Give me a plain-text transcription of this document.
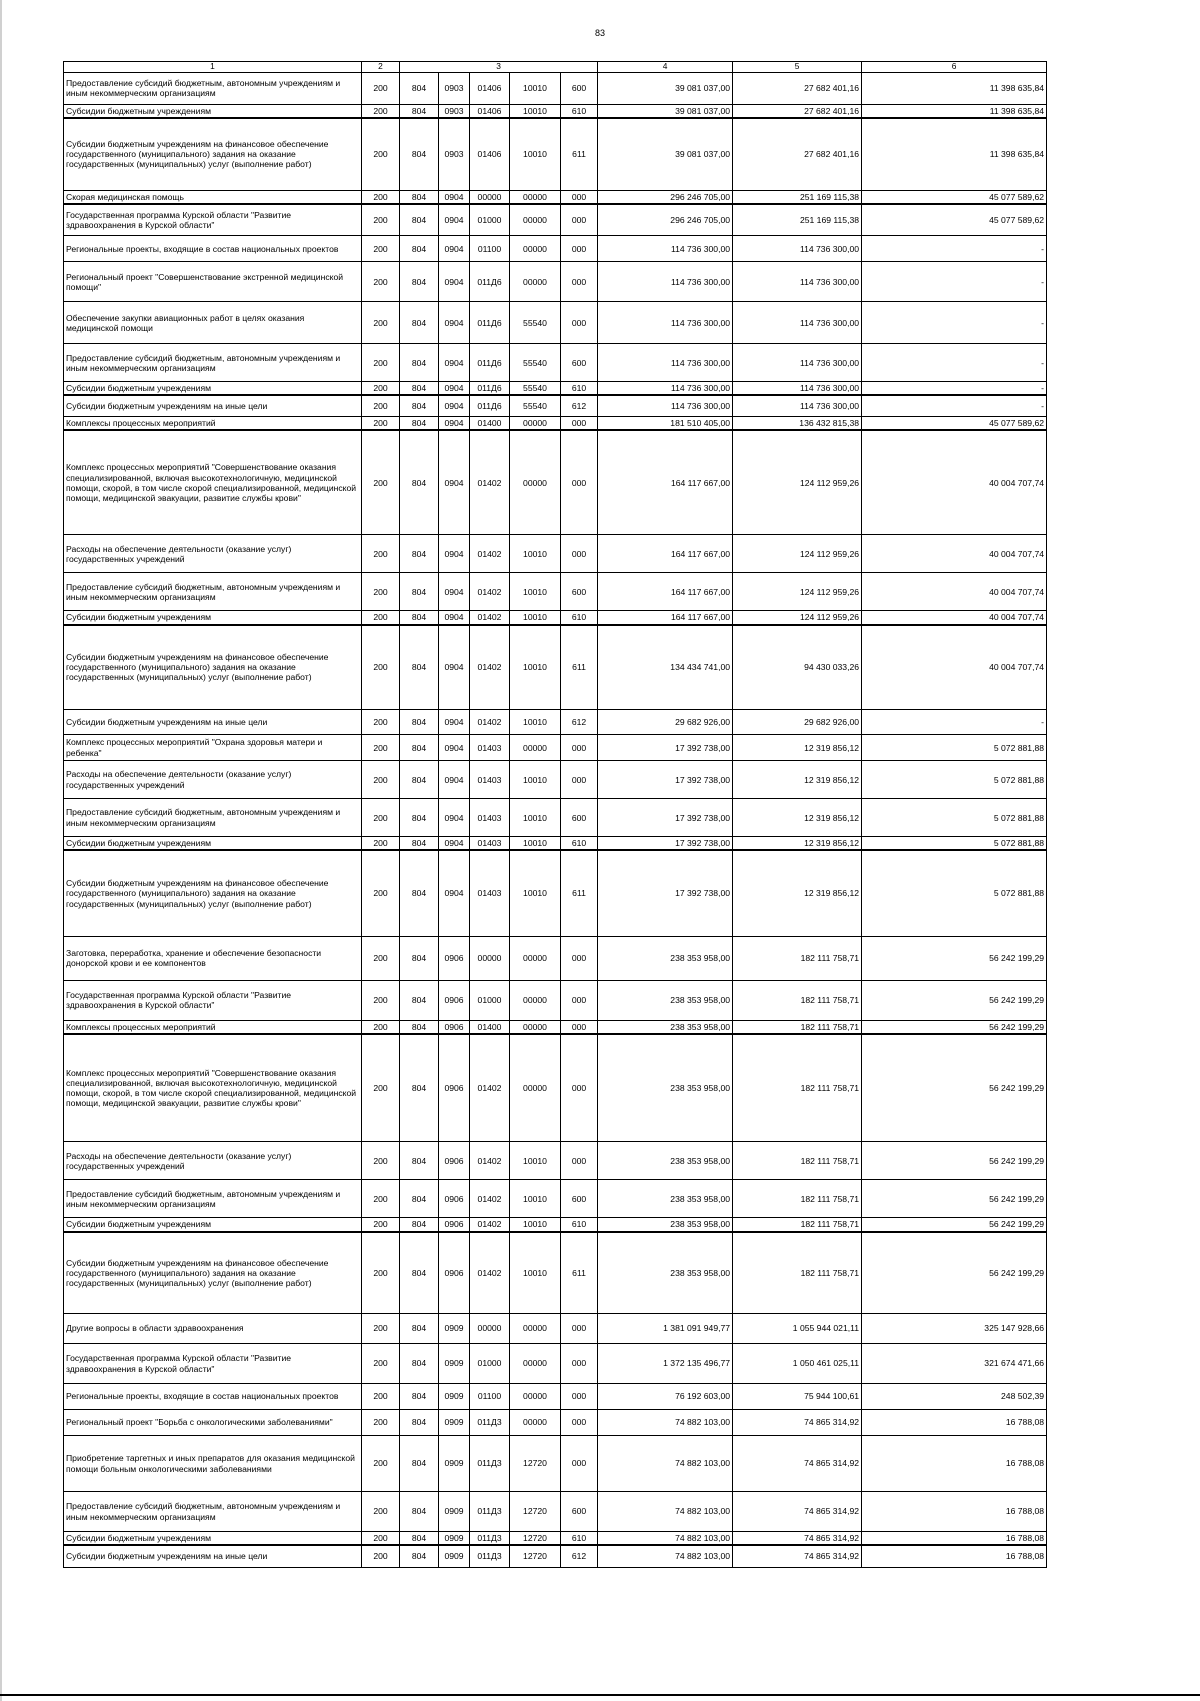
83
1	2	3					4	5	6
Предоставление субсидий бюджетным, автономным учреждениям и иным некоммерческим организациям	200	804	0903	01406	10010	600	39 081 037,00	27 682 401,16	11 398 635,84
Субсидии бюджетным учреждениям	200	804	0903	01406	10010	610	39 081 037,00	27 682 401,16	11 398 635,84
Субсидии бюджетным учреждениям на финансовое обеспечение государственного (муниципального) задания на оказание государственных (муниципальных) услуг (выполнение работ)	200	804	0903	01406	10010	611	39 081 037,00	27 682 401,16	11 398 635,84
Скорая медицинская помощь	200	804	0904	00000	00000	000	296 246 705,00	251 169 115,38	45 077 589,62
Государственная программа Курской области "Развитие здравоохранения в Курской области"	200	804	0904	01000	00000	000	296 246 705,00	251 169 115,38	45 077 589,62
Региональные проекты, входящие в состав национальных проектов	200	804	0904	01100	00000	000	114 736 300,00	114 736 300,00	-
Региональный проект "Совершенствование экстренной медицинской помощи"	200	804	0904	011Д6	00000	000	114 736 300,00	114 736 300,00	-
Обеспечение закупки авиационных работ в целях оказания медицинской помощи	200	804	0904	011Д6	55540	000	114 736 300,00	114 736 300,00	-
Предоставление субсидий бюджетным, автономным учреждениям и иным некоммерческим организациям	200	804	0904	011Д6	55540	600	114 736 300,00	114 736 300,00	-
Субсидии бюджетным учреждениям	200	804	0904	011Д6	55540	610	114 736 300,00	114 736 300,00	-
Субсидии бюджетным учреждениям на иные цели	200	804	0904	011Д6	55540	612	114 736 300,00	114 736 300,00	-
Комплексы процессных мероприятий	200	804	0904	01400	00000	000	181 510 405,00	136 432 815,38	45 077 589,62
Комплекс процессных мероприятий "Совершенствование оказания специализированной, включая высокотехнологичную, медицинской помощи, скорой, в том числе скорой специализированной, медицинской помощи, медицинской эвакуации, развитие службы крови"	200	804	0904	01402	00000	000	164 117 667,00	124 112 959,26	40 004 707,74
Расходы на обеспечение деятельности (оказание услуг) государственных учреждений	200	804	0904	01402	10010	000	164 117 667,00	124 112 959,26	40 004 707,74
Предоставление субсидий бюджетным, автономным учреждениям и иным некоммерческим организациям	200	804	0904	01402	10010	600	164 117 667,00	124 112 959,26	40 004 707,74
Субсидии бюджетным учреждениям	200	804	0904	01402	10010	610	164 117 667,00	124 112 959,26	40 004 707,74
Субсидии бюджетным учреждениям на финансовое обеспечение государственного (муниципального) задания на оказание государственных (муниципальных) услуг (выполнение работ)	200	804	0904	01402	10010	611	134 434 741,00	94 430 033,26	40 004 707,74
Субсидии бюджетным учреждениям на иные цели	200	804	0904	01402	10010	612	29 682 926,00	29 682 926,00	-
Комплекс процессных мероприятий "Охрана здоровья матери и ребенка"	200	804	0904	01403	00000	000	17 392 738,00	12 319 856,12	5 072 881,88
Расходы на обеспечение деятельности (оказание услуг) государственных учреждений	200	804	0904	01403	10010	000	17 392 738,00	12 319 856,12	5 072 881,88
Предоставление субсидий бюджетным, автономным учреждениям и иным некоммерческим организациям	200	804	0904	01403	10010	600	17 392 738,00	12 319 856,12	5 072 881,88
Субсидии бюджетным учреждениям	200	804	0904	01403	10010	610	17 392 738,00	12 319 856,12	5 072 881,88
Субсидии бюджетным учреждениям на финансовое обеспечение государственного (муниципального) задания на оказание государственных (муниципальных) услуг (выполнение работ)	200	804	0904	01403	10010	611	17 392 738,00	12 319 856,12	5 072 881,88
Заготовка, переработка, хранение и обеспечение безопасности донорской крови и ее компонентов	200	804	0906	00000	00000	000	238 353 958,00	182 111 758,71	56 242 199,29
Государственная программа Курской области "Развитие здравоохранения в Курской области"	200	804	0906	01000	00000	000	238 353 958,00	182 111 758,71	56 242 199,29
Комплексы процессных мероприятий	200	804	0906	01400	00000	000	238 353 958,00	182 111 758,71	56 242 199,29
Комплекс процессных мероприятий "Совершенствование оказания специализированной, включая высокотехнологичную, медицинской помощи, скорой, в том числе скорой специализированной, медицинской помощи, медицинской эвакуации, развитие службы крови"	200	804	0906	01402	00000	000	238 353 958,00	182 111 758,71	56 242 199,29
Расходы на обеспечение деятельности (оказание услуг) государственных учреждений	200	804	0906	01402	10010	000	238 353 958,00	182 111 758,71	56 242 199,29
Предоставление субсидий бюджетным, автономным учреждениям и иным некоммерческим организациям	200	804	0906	01402	10010	600	238 353 958,00	182 111 758,71	56 242 199,29
Субсидии бюджетным учреждениям	200	804	0906	01402	10010	610	238 353 958,00	182 111 758,71	56 242 199,29
Субсидии бюджетным учреждениям на финансовое обеспечение государственного (муниципального) задания на оказание государственных (муниципальных) услуг (выполнение работ)	200	804	0906	01402	10010	611	238 353 958,00	182 111 758,71	56 242 199,29
Другие вопросы в области здравоохранения	200	804	0909	00000	00000	000	1 381 091 949,77	1 055 944 021,11	325 147 928,66
Государственная программа Курской области "Развитие здравоохранения в Курской области"	200	804	0909	01000	00000	000	1 372 135 496,77	1 050 461 025,11	321 674 471,66
Региональные проекты, входящие в состав национальных проектов	200	804	0909	01100	00000	000	76 192 603,00	75 944 100,61	248 502,39
Региональный проект "Борьба с онкологическими заболеваниями"	200	804	0909	011Д3	00000	000	74 882 103,00	74 865 314,92	16 788,08
Приобретение таргетных и иных препаратов для оказания медицинской помощи больным онкологическими заболеваниями	200	804	0909	011Д3	12720	000	74 882 103,00	74 865 314,92	16 788,08
Предоставление субсидий бюджетным, автономным учреждениям и иным некоммерческим организациям	200	804	0909	011Д3	12720	600	74 882 103,00	74 865 314,92	16 788,08
Субсидии бюджетным учреждениям	200	804	0909	011Д3	12720	610	74 882 103,00	74 865 314,92	16 788,08
Субсидии бюджетным учреждениям на иные цели	200	804	0909	011Д3	12720	612	74 882 103,00	74 865 314,92	16 788,08
